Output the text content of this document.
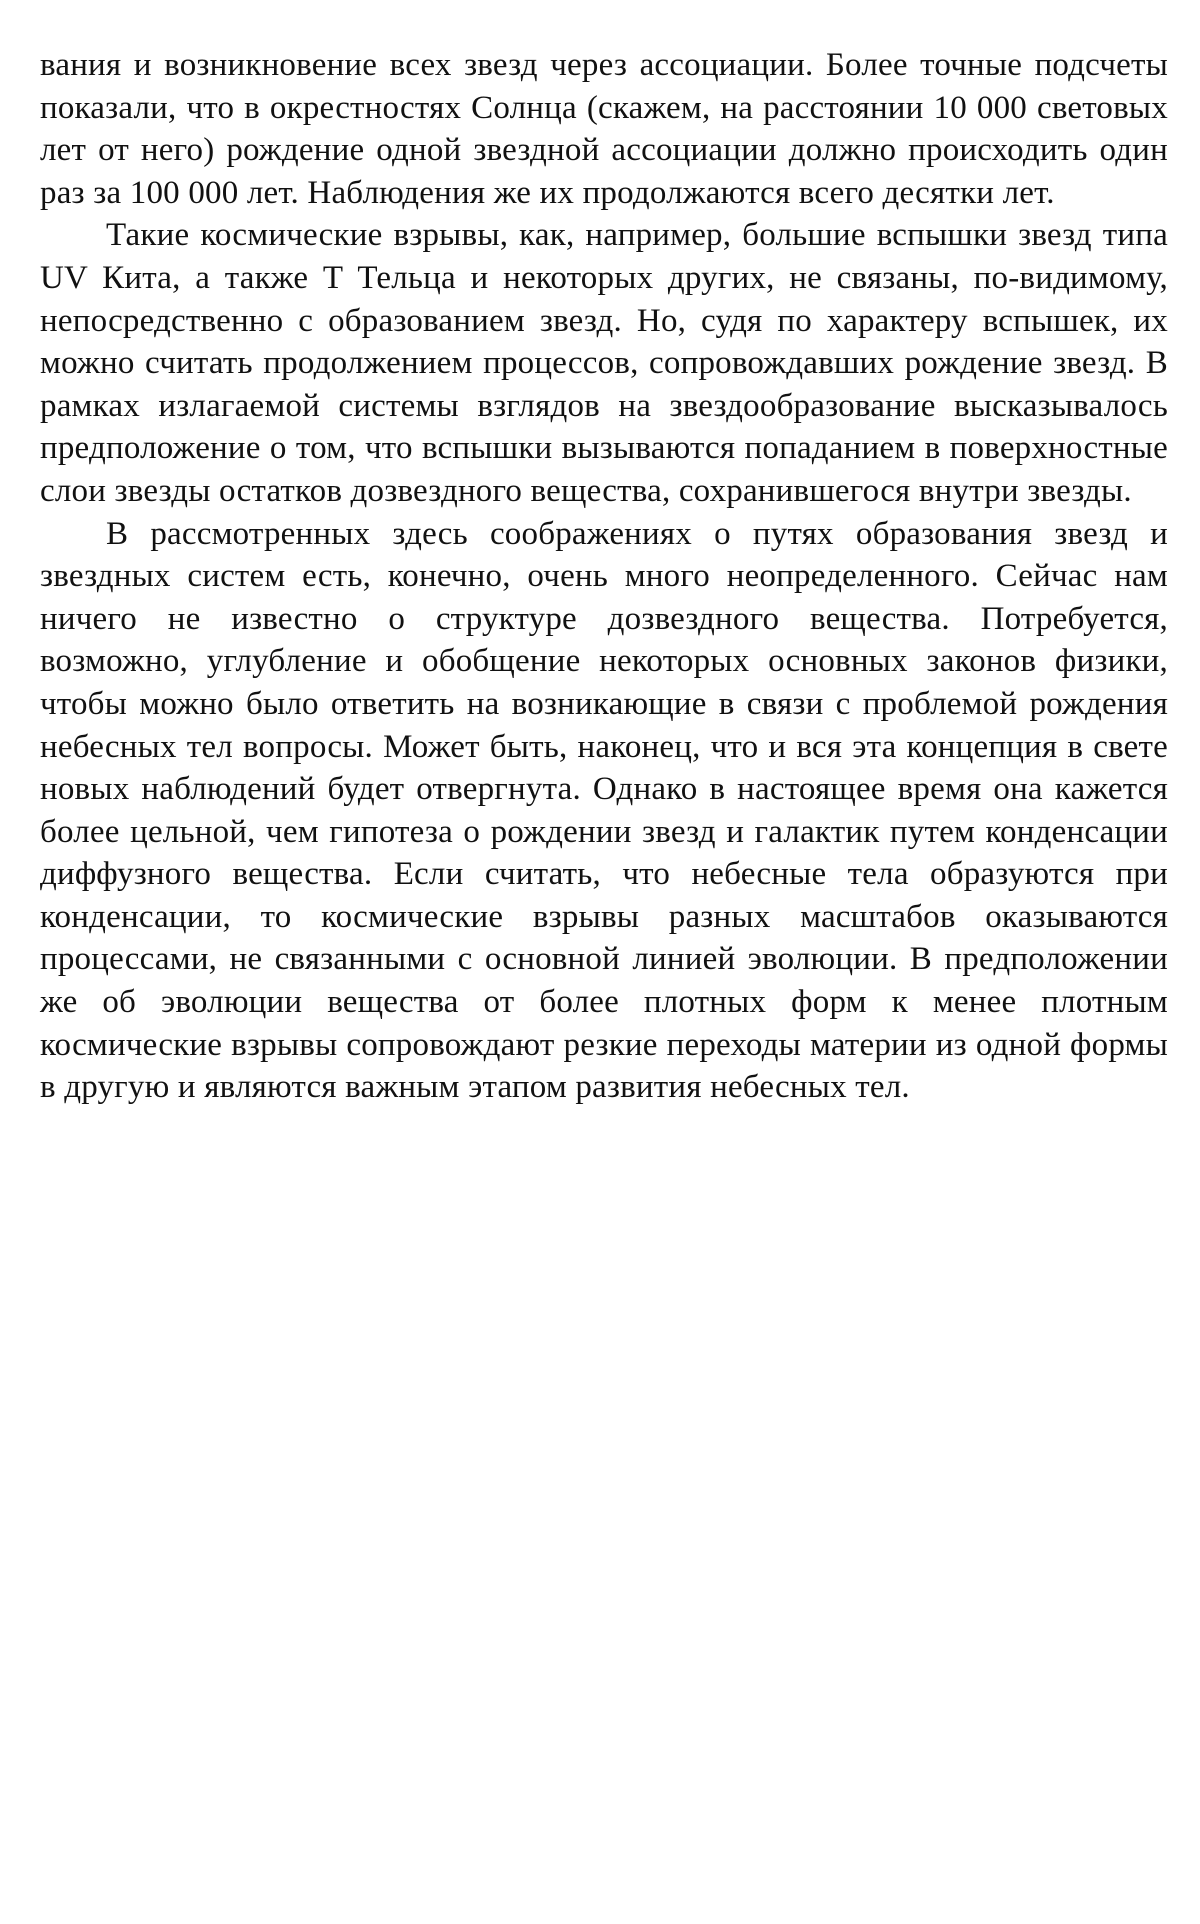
вания и возникновение всех звезд через ассоциации. Более точные подсчеты показали, что в окрестностях Солнца (скажем, на расстоянии 10 000 световых лет от него) рождение одной звездной ассоциации должно происходить один раз за 100 000 лет. Наблюдения же их продолжаются всего десятки лет.

Такие космические взрывы, как, например, большие вспышки звезд типа UV Кита, а также T Тельца и некоторых других, не связаны, по-видимому, непосредственно с образованием звезд. Но, судя по характеру вспышек, их можно считать продолжением процессов, сопровождавших рождение звезд. В рамках излагаемой системы взглядов на звездообразование высказывалось предположение о том, что вспышки вызываются попаданием в поверхностные слои звезды остатков дозвездного вещества, сохранившегося внутри звезды.

В рассмотренных здесь соображениях о путях образования звезд и звездных систем есть, конечно, очень много неопределенного. Сейчас нам ничего не известно о структуре дозвездного вещества. Потребуется, возможно, углубление и обобщение некоторых основных законов физики, чтобы можно было ответить на возникающие в связи с проблемой рождения небесных тел вопросы. Может быть, наконец, что и вся эта концепция в свете новых наблюдений будет отвергнута. Однако в настоящее время она кажется более цельной, чем гипотеза о рождении звезд и галактик путем конденсации диффузного вещества. Если считать, что небесные тела образуются при конденсации, то космические взрывы разных масштабов оказываются процессами, не связанными с основной линией эволюции. В предположении же об эволюции вещества от более плотных форм к менее плотным космические взрывы сопровождают резкие переходы материи из одной формы в другую и являются важным этапом развития небесных тел.
